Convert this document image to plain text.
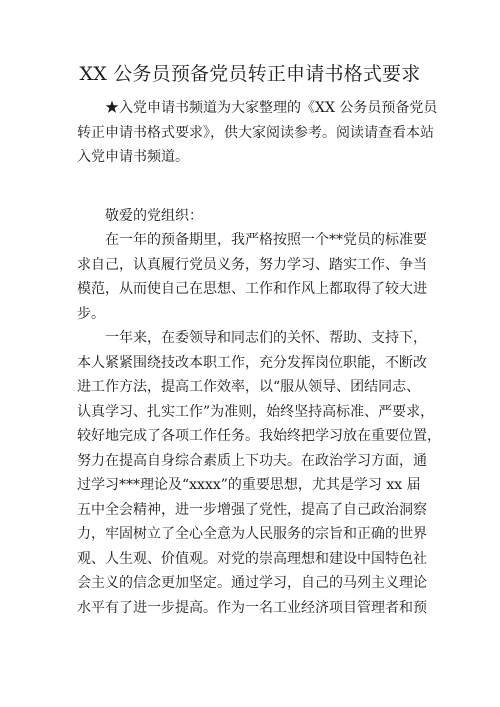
XX 公务员预备党员转正申请书格式要求
★入党申请书频道为大家整理的《XX 公务员预备党员
转正申请书格式要求》，供大家阅读参考。阅读请查看本站
入党申请书频道。
敬爱的党组织：
在一年的预备期里，我严格按照一个**党员的标准要
求自己，认真履行党员义务，努力学习、踏实工作、争当
模范，从而使自己在思想、工作和作风上都取得了较大进
步。
一年来，在委领导和同志们的关怀、帮助、支持下，
本人紧紧围绕技改本职工作，充分发挥岗位职能，不断改
进工作方法，提高工作效率，以“服从领导、团结同志、
认真学习、扎实工作”为准则，始终坚持高标准、严要求，
较好地完成了各项工作任务。我始终把学习放在重要位置，
努力在提高自身综合素质上下功夫。在政治学习方面，通
过学习***理论及“xxxx”的重要思想，尤其是学习 xx 届
五中全会精神，进一步增强了党性，提高了自己政治洞察
力，牢固树立了全心全意为人民服务的宗旨和正确的世界
观、人生观、价值观。对党的崇高理想和建设中国特色社
会主义的信念更加坚定。通过学习，自己的马列主义理论
水平有了进一步提高。作为一名工业经济项目管理者和预
